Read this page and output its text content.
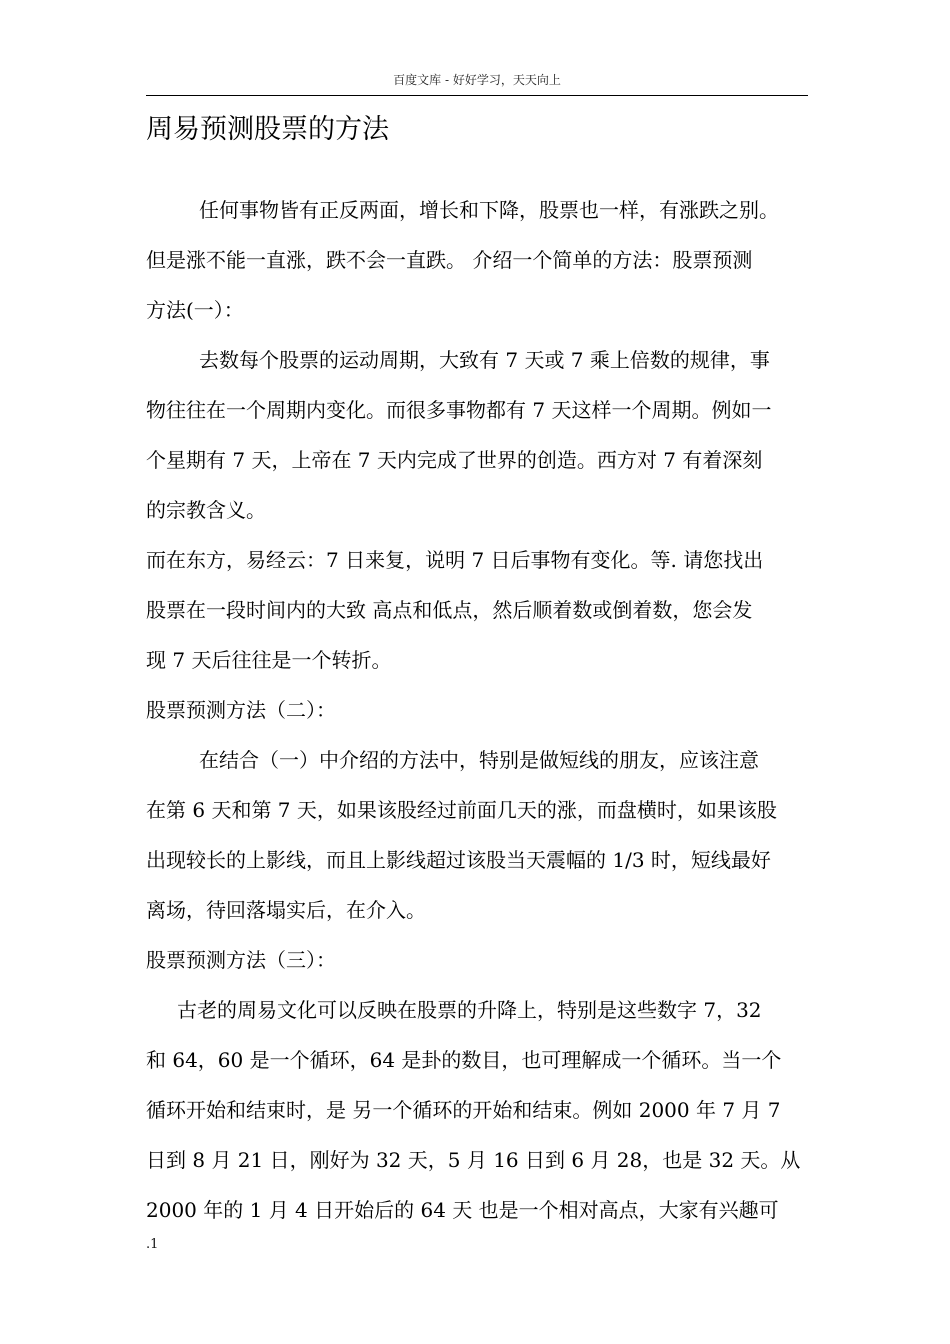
百度文库 - 好好学习，天天向上
周易预测股票的方法
任何事物皆有正反两面，增长和下降，股票也一样，有涨跌之别。
但是涨不能一直涨，跌不会一直跌。 介绍一个简单的方法：股票预测
方法(一）：
去数每个股票的运动周期，大致有 7 天或 7 乘上倍数的规律，事
物往往在一个周期内变化。而很多事物都有 7 天这样一个周期。例如一
个星期有 7 天，上帝在 7 天内完成了世界的创造。西方对 7 有着深刻
的宗教含义。
而在东方，易经云：7 日来复，说明 7 日后事物有变化。等. 请您找出
股票在一段时间内的大致 高点和低点，然后顺着数或倒着数，您会发
现 7 天后往往是一个转折。
股票预测方法（二）：
在结合（一）中介绍的方法中，特别是做短线的朋友，应该注意
在第 6 天和第 7 天，如果该股经过前面几天的涨，而盘横时，如果该股
出现较长的上影线，而且上影线超过该股当天震幅的 1/3 时，短线最好
离场，待回落塌实后，在介入。
股票预测方法（三）：
古老的周易文化可以反映在股票的升降上，特别是这些数字 7，32
和 64，60 是一个循环，64 是卦的数目，也可理解成一个循环。当一个
循环开始和结束时，是 另一个循环的开始和结束。例如 2000 年 7 月 7
日到 8 月 21 日，刚好为 32 天，5 月 16 日到 6 月 28，也是 32 天。从
2000 年的 1 月 4 日开始后的 64 天 也是一个相对高点，大家有兴趣可
.1
